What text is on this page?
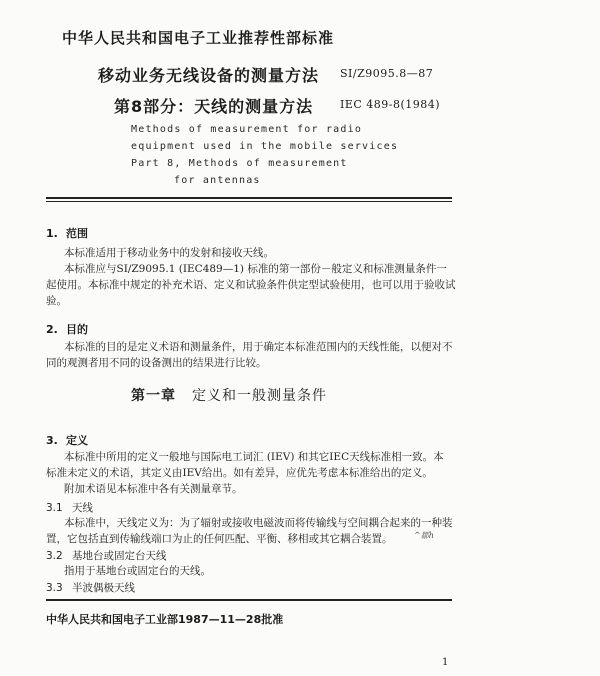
中华人民共和国电子工业推荐性部标准
移动业务无线设备的测量方法 SI/Z9095.8—87
第8部分：天线的测量方法 IEC 489-8(1984)
Methods of measurement for radio
equipment used in the mobile services
Part 8, Methods of measurement
for antennas
1. 范围
本标准适用于移动业务中的发射和接收天线。
本标准应与SI/Z9095.1 (IEC489—1) 标准的第一部份－般定义和标准测量条件一
起使用。本标准中规定的补充术语、定义和试验条件供定型试验使用，也可以用于验收试
验。
2. 目的
本标准的目的是定义术语和测量条件，用于确定本标准范围内的天线性能，以便对不
同的观测者用不同的设备测出的结果进行比较。
第一章 定义和一般测量条件
3. 定义
本标准中所用的定义一般地与国际电工词汇 (IEV) 和其它IEC天线标准相一致。本
标准未定义的术语，其定义由IEV给出。如有差异，应优先考虑本标准给出的定义。
附加术语见本标准中各有关测量章节。
3.1 天线
本标准中，天线定义为：为了辐射或接收电磁波而将传输线与空间耦合起来的一种装
置，它包括直到传输线端口为止的任何匹配、平衡、移相或其它耦合装置。	^鄒h
3.2 基地台或固定台天线
指用于基地台或固定台的天线。
3.3 半波偶极天线
中华人民共和国电子工业部1987—11—28批准
1
